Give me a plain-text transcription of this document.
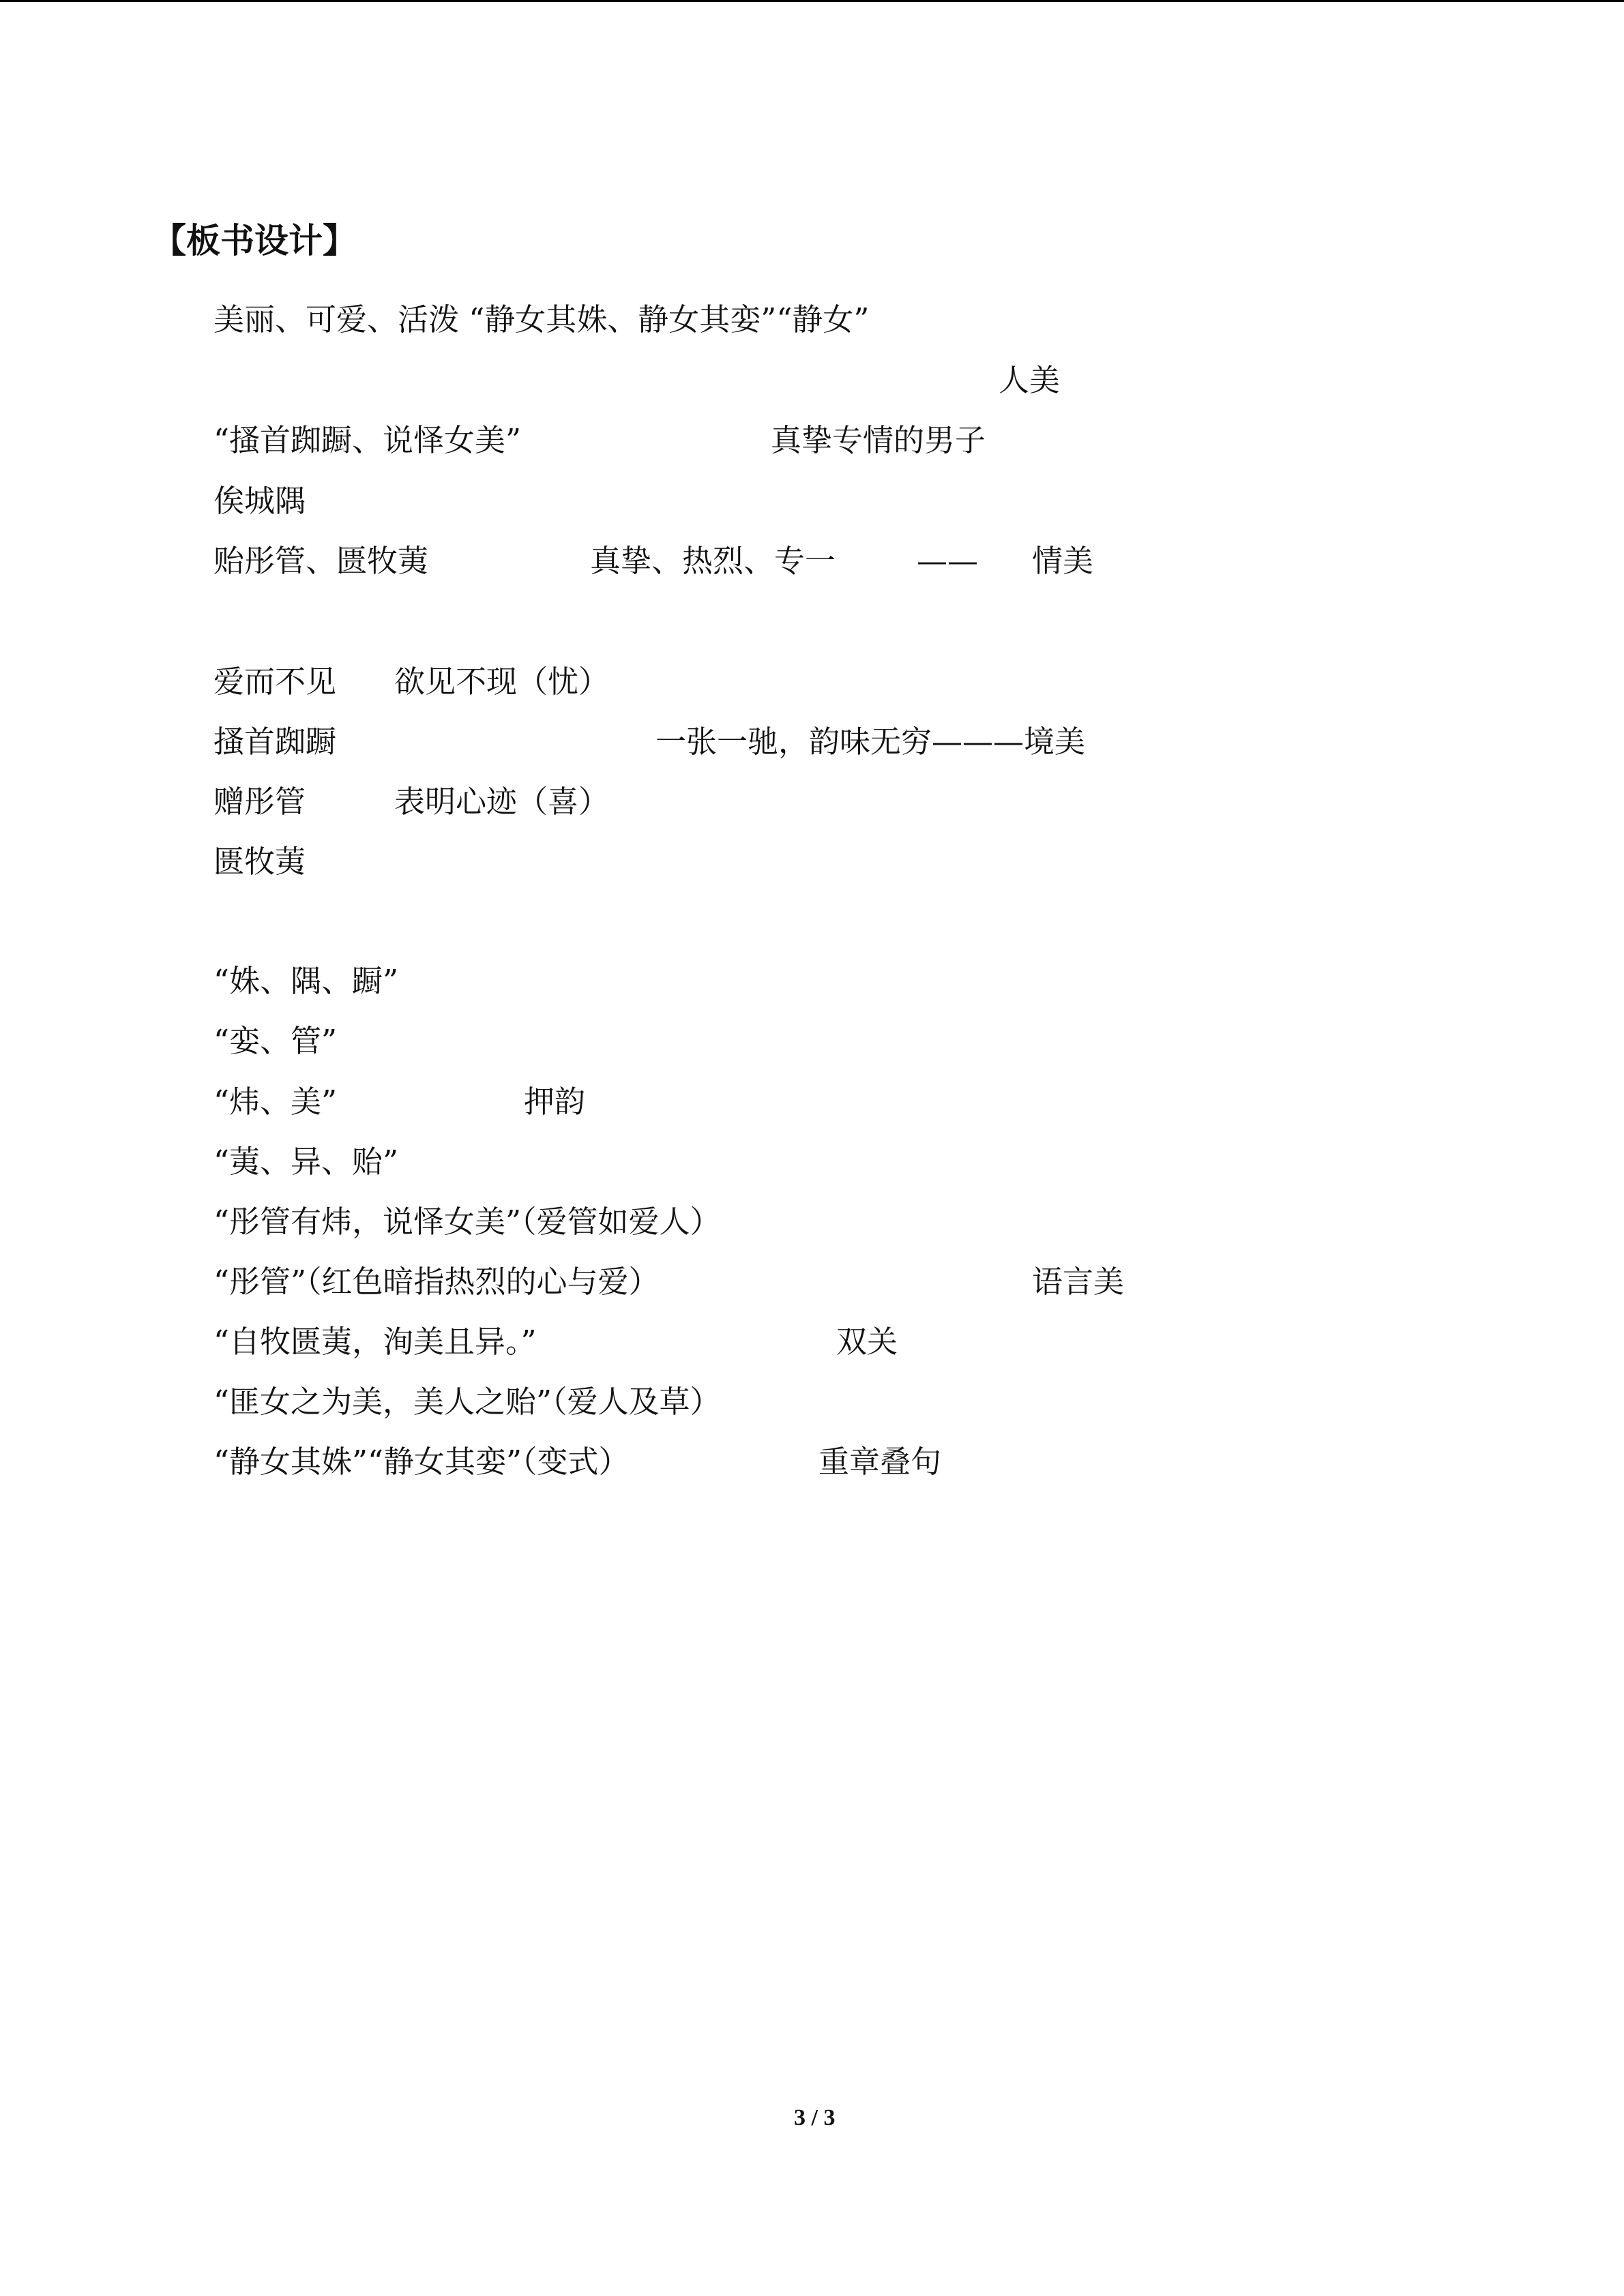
【板书设计】
美丽、可爱、活泼 “静女其姝、静女其娈”“静女”
人美
“搔首踟蹰、说怿女美”	真挚专情的男子
俟城隅
贻彤管、匮牧荑	真挚、热烈、专一	—— 情美
爱而不见 欲见不现（忧）
搔首踟蹰	一张一驰，韵味无穷———境美
赠彤管	表明心迹（喜）
匮牧荑
“姝、隅、蹰”
“娈、管”
“炜、美”	押韵
“荑、异、贻”
“彤管有炜，说怿女美”（爱管如爱人）
“彤管”（红色暗指热烈的心与爱）	语言美
“自牧匮荑，洵美且异。”	双关
“匪女之为美，美人之贻”（爱人及草）
“静女其姝”“静女其娈”（变式）	重章叠句
3 / 3
